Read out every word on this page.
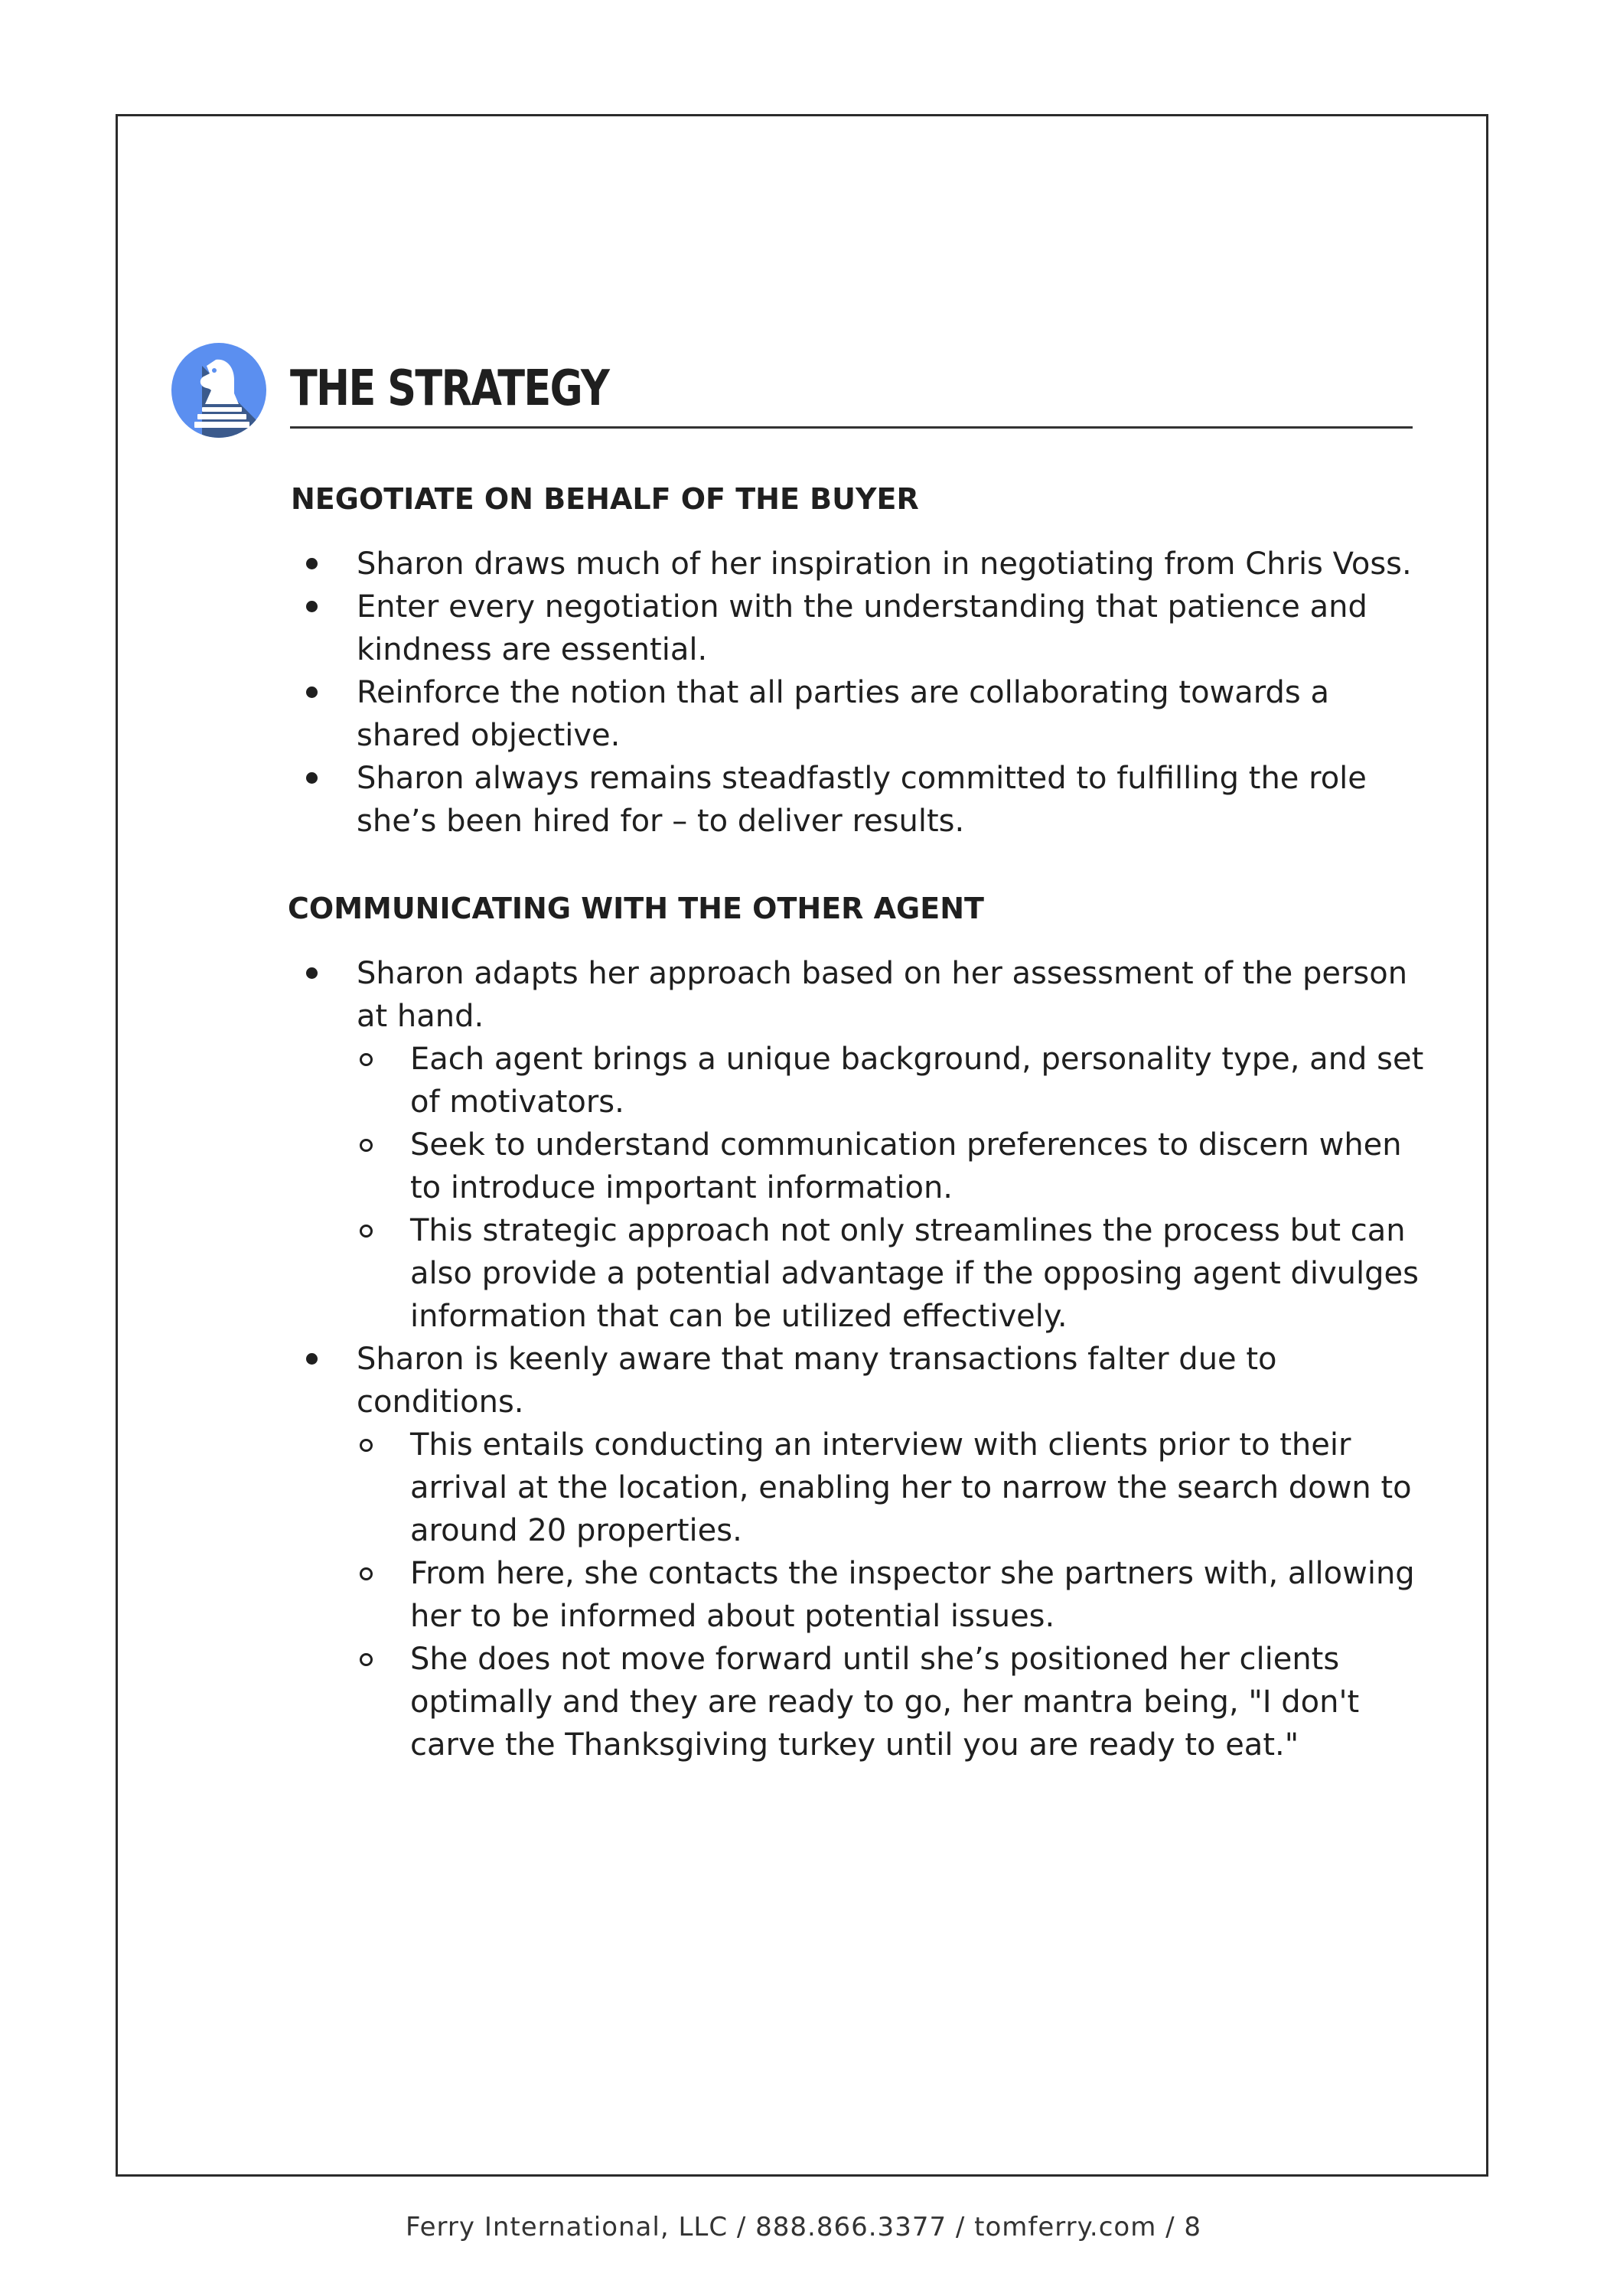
THE STRATEGY
NEGOTIATE ON BEHALF OF THE BUYER
Sharon draws much of her inspiration in negotiating from Chris Voss.
Enter every negotiation with the understanding that patience and kindness are essential.
Reinforce the notion that all parties are collaborating towards a shared objective.
Sharon always remains steadfastly committed to fulfilling the role she’s been hired for – to deliver results.
COMMUNICATING WITH THE OTHER AGENT
Sharon adapts her approach based on her assessment of the person at hand.
Each agent brings a unique background, personality type, and set of motivators.
Seek to understand communication preferences to discern when to introduce important information.
This strategic approach not only streamlines the process but can also provide a potential advantage if the opposing agent divulges information that can be utilized effectively.
Sharon is keenly aware that many transactions falter due to conditions.
This entails conducting an interview with clients prior to their arrival at the location, enabling her to narrow the search down to around 20 properties.
From here, she contacts the inspector she partners with, allowing her to be informed about potential issues.
She does not move forward until she’s positioned her clients optimally and they are ready to go, her mantra being, "I don't carve the Thanksgiving turkey until you are ready to eat."
Ferry International, LLC / 888.866.3377 / tomferry.com / 8
